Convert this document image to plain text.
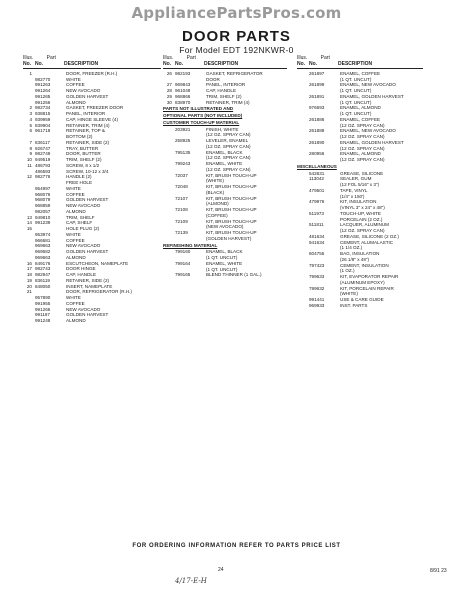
AppliancePartsPros.com
DOOR PARTS
For Model EDT 192NKWR-0
Illus.	Part
No. No.	DESCRIPTION
1	DOOR, FREEZER (R.H.)
982770	WHITE
991263	COFFEE
991264	NEW AVOCADO
991265	GOLDEN HARVEST
991256	ALMOND
2 982734	GASKET, FREEZER DOOR
3 938815	PANEL, INTERIOR
4 939959	CAP, HINGE SLEEVE (4)
5 839904	RETAINER, TRIM (4)
6 961718	RETAINER, TOP &
BOTTOM (2)
7 836117	RETAINER, SIDE (2)
8 926747	TRAY, BUTTER
9 982749	DOOR, BUTTER
10 949519	TRIM, SHELF (2)
11 486793	SCREW, 8 x 1/2
486593	SCREW, 10-12 x 3/4
12 982776	HANDLE (2)
FREE HOLE
954997	WHITE
968076	COFFEE
968079	GOLDEN HARVEST
968859	NEW AVOCADO
982057	ALMOND
13 949810	TRIM, SHELF
14 991239	CAP, SHELF
15	HOLE PLUG (2)
953974	WHITE
966681	COFFEE
969663	NEW AVOCADO
969682	GOLDEN HARVEST
969663	ALMOND
16 849176	ESCUTCHEON, NAMEPLATE
17 982743	DOOR HINGE
18 982947	CAP, HANDLE
19 836119	RETAINER, SIDE (2)
20 848050	INSERT, NAMEPLATE
21	DOOR, REFRIGERATOR (R.H.)
957890	WHITE
991955	COFFEE
991266	NEW AVOCADO
991167	GOLDEN HARVEST
991248	ALMOND
Illus.	Part
No. No.	DESCRIPTION
26 982193	GASKET, REFRIGERATOR
DOOR
27 969843	PANEL, INTERIOR
28 961048	CAP, HANDLE
29 968866	TRIM, SHELF (2)
30 838970	RETAINER, TRIM (4)
PARTS NOT ILLUSTRATED AND
OPTIONAL PARTS (NOT INCLUDED)
CUSTOMER TOUCH-UP MATERIAL
203921	FINISH, WHITE
(12 OZ. SPRAY CAN)
258925	LEVELER, ENAMEL
(12 OZ. SPRAY CAN)
795135	ENAMEL, BLACK
(12 OZ. SPRAY CAN)
799243	ENAMEL, WHITE
(12 OZ. SPRAY CAN)
72037	KIT, BRUSH TOUCH-UP
(WHITE)
72048	KIT, BRUSH TOUCH-UP
(BLACK)
72107	KIT, BRUSH TOUCH-UP
(ALMOND)
72108	KIT, BRUSH TOUCH-UP
(COFFEE)
72109	KIT, BRUSH TOUCH-UP
(NEW AVOCADO)
72139	KIT, BRUSH TOUCH-UP
(GOLDEN HARVEST)
REFINISHING MATERIAL
799160	ENAMEL, BLACK
(1 QT. UNCUT)
799164	ENAMEL, WHITE
(1 QT. UNCUT)
799165	BLEND THINNER (1 GAL.)
Illus.	Part
No. No.	DESCRIPTION
261897	ENAMEL, COFFEE
(1 QT. UNCUT)
261899	ENAMEL, NEW AVOCADO
(1 QT. UNCUT)
261891	ENAMEL, GOLDEN HARVEST
(1 QT. UNCUT)
976693	ENAMEL, ALMOND
(1 QT. UNCUT)
261886	ENAMEL, COFFEE
(12 OZ. SPRAY CAN)
261888	ENAMEL, NEW AVOCADO
(12 OZ. SPRAY CAN)
261890	ENAMEL, GOLDEN HARVEST
(12 OZ. SPRAY CAN)
280956	ENAMEL, ALMOND
(12 OZ. SPRAY CAN)
MISCELLANEOUS
542631	GREASE, SILICONE
113042	SEALER, GUM
(12 FOL 5/16" x 3")
479501	TAPE, VINYL
(1/4" x 150')
479976	KIT, INSULATION
(VINYL 3" x 24" x 48")
511973	TOUCH-UP, WHITE
PORCELAIN (2 OZ.)
511811	LACQUER, ALUMINUM
(12 OZ. SPRAY CAN)
481634	GREASE, SILICONE (2 OZ.)
941634	CEMENT, ALUMALASTIC
(1 1/4 OZ.)
604755	BAG, INSULATION
(26 1/8" x 48")
797423	CEMENT, INSULATION
(1 OZ.)
799633	KIT, EVAPORATOR REPAIR
(ALUMINUM EPOXY)
799632	KIT, PORCELAIN REPAIR
(WHITE)
991441	USE & CARE GUIDE
969933	INST. PARTS
FOR ORDERING INFORMATION REFER TO PARTS PRICE LIST
24	8/91 23
4/17-E-H
